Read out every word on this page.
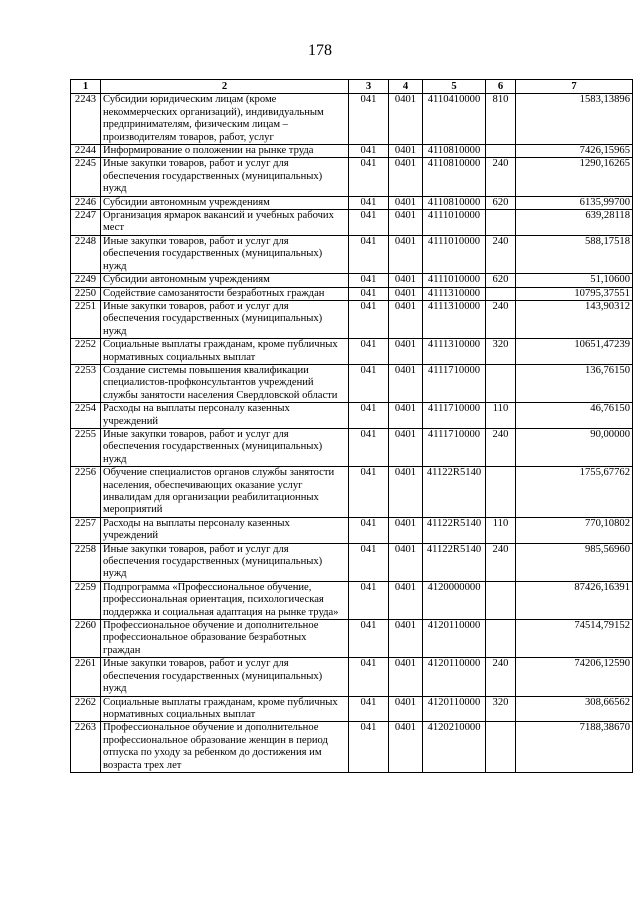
178
1	2	3	4	5	6	7
2243	Субсидии юридическим лицам (кроме некоммерческих организаций), индивидуальным предпринимателям, физическим лицам – производителям товаров, работ, услуг	041	0401	4110410000	810	1583,13896
2244	Информирование о положении на рынке труда	041	0401	4110810000		7426,15965
2245	Иные закупки товаров, работ и услуг для обеспечения государственных (муниципальных) нужд	041	0401	4110810000	240	1290,16265
2246	Субсидии автономным учреждениям	041	0401	4110810000	620	6135,99700
2247	Организация ярмарок вакансий и учебных рабочих мест	041	0401	4111010000		639,28118
2248	Иные закупки товаров, работ и услуг для обеспечения государственных (муниципальных) нужд	041	0401	4111010000	240	588,17518
2249	Субсидии автономным учреждениям	041	0401	4111010000	620	51,10600
2250	Содействие самозанятости безработных граждан	041	0401	4111310000		10795,37551
2251	Иные закупки товаров, работ и услуг для обеспечения государственных (муниципальных) нужд	041	0401	4111310000	240	143,90312
2252	Социальные выплаты гражданам, кроме публичных нормативных социальных выплат	041	0401	4111310000	320	10651,47239
2253	Создание системы повышения квалификации специалистов-профконсультантов учреждений службы занятости населения Свердловской области	041	0401	4111710000		136,76150
2254	Расходы на выплаты персоналу казенных учреждений	041	0401	4111710000	110	46,76150
2255	Иные закупки товаров, работ и услуг для обеспечения государственных (муниципальных) нужд	041	0401	4111710000	240	90,00000
2256	Обучение специалистов органов службы занятости населения, обеспечивающих оказание услуг инвалидам для организации реабилитационных мероприятий	041	0401	41122R5140		1755,67762
2257	Расходы на выплаты персоналу казенных учреждений	041	0401	41122R5140	110	770,10802
2258	Иные закупки товаров, работ и услуг для обеспечения государственных (муниципальных) нужд	041	0401	41122R5140	240	985,56960
2259	Подпрограмма «Профессиональное обучение, профессиональная ориентация, психологическая поддержка и социальная адаптация на рынке труда»	041	0401	4120000000		87426,16391
2260	Профессиональное обучение и дополнительное профессиональное образование безработных граждан	041	0401	4120110000		74514,79152
2261	Иные закупки товаров, работ и услуг для обеспечения государственных (муниципальных) нужд	041	0401	4120110000	240	74206,12590
2262	Социальные выплаты гражданам, кроме публичных нормативных социальных выплат	041	0401	4120110000	320	308,66562
2263	Профессиональное обучение и дополнительное профессиональное образование женщин в период отпуска по уходу за ребенком до достижения им возраста трех лет	041	0401	4120210000		7188,38670
